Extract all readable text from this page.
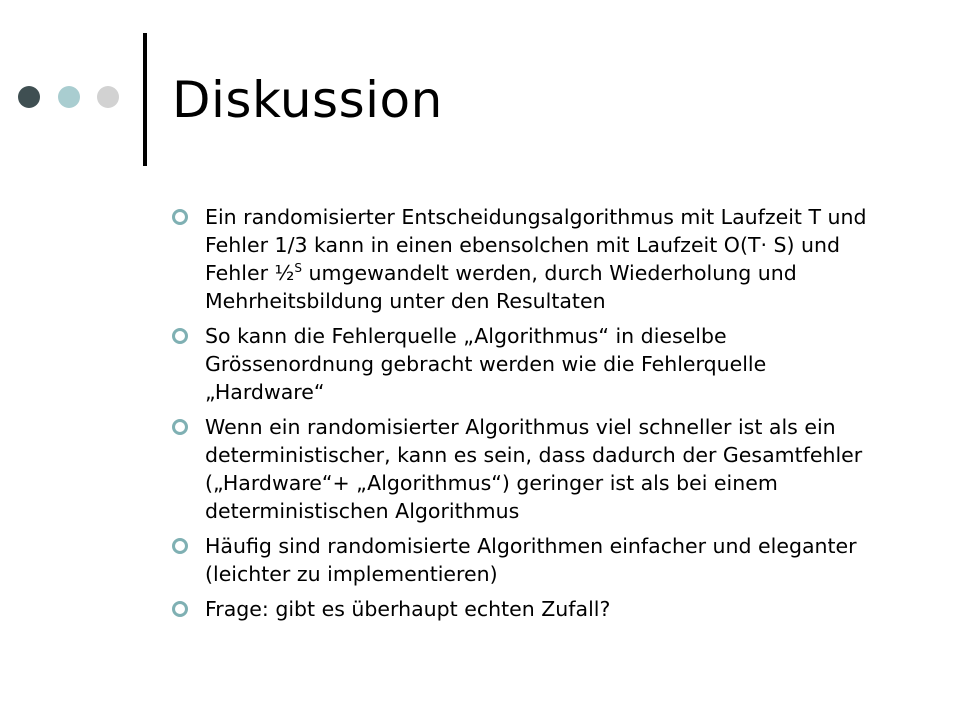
Diskussion
Ein randomisierter Entscheidungsalgorithmus mit Laufzeit T und Fehler 1/3 kann in einen ebensolchen mit Laufzeit O(T· S) und Fehler ½$^S$ umgewandelt werden, durch Wiederholung und Mehrheitsbildung unter den Resultaten
So kann die Fehlerquelle „Algorithmus“ in dieselbe Grössenordnung gebracht werden wie die Fehlerquelle „Hardware“
Wenn ein randomisierter Algorithmus viel schneller ist als ein deterministischer, kann es sein, dass dadurch der Gesamtfehler („Hardware“+ „Algorithmus“) geringer ist als bei einem deterministischen Algorithmus
Häufig sind randomisierte Algorithmen einfacher und eleganter (leichter zu implementieren)
Frage: gibt es überhaupt echten Zufall?
